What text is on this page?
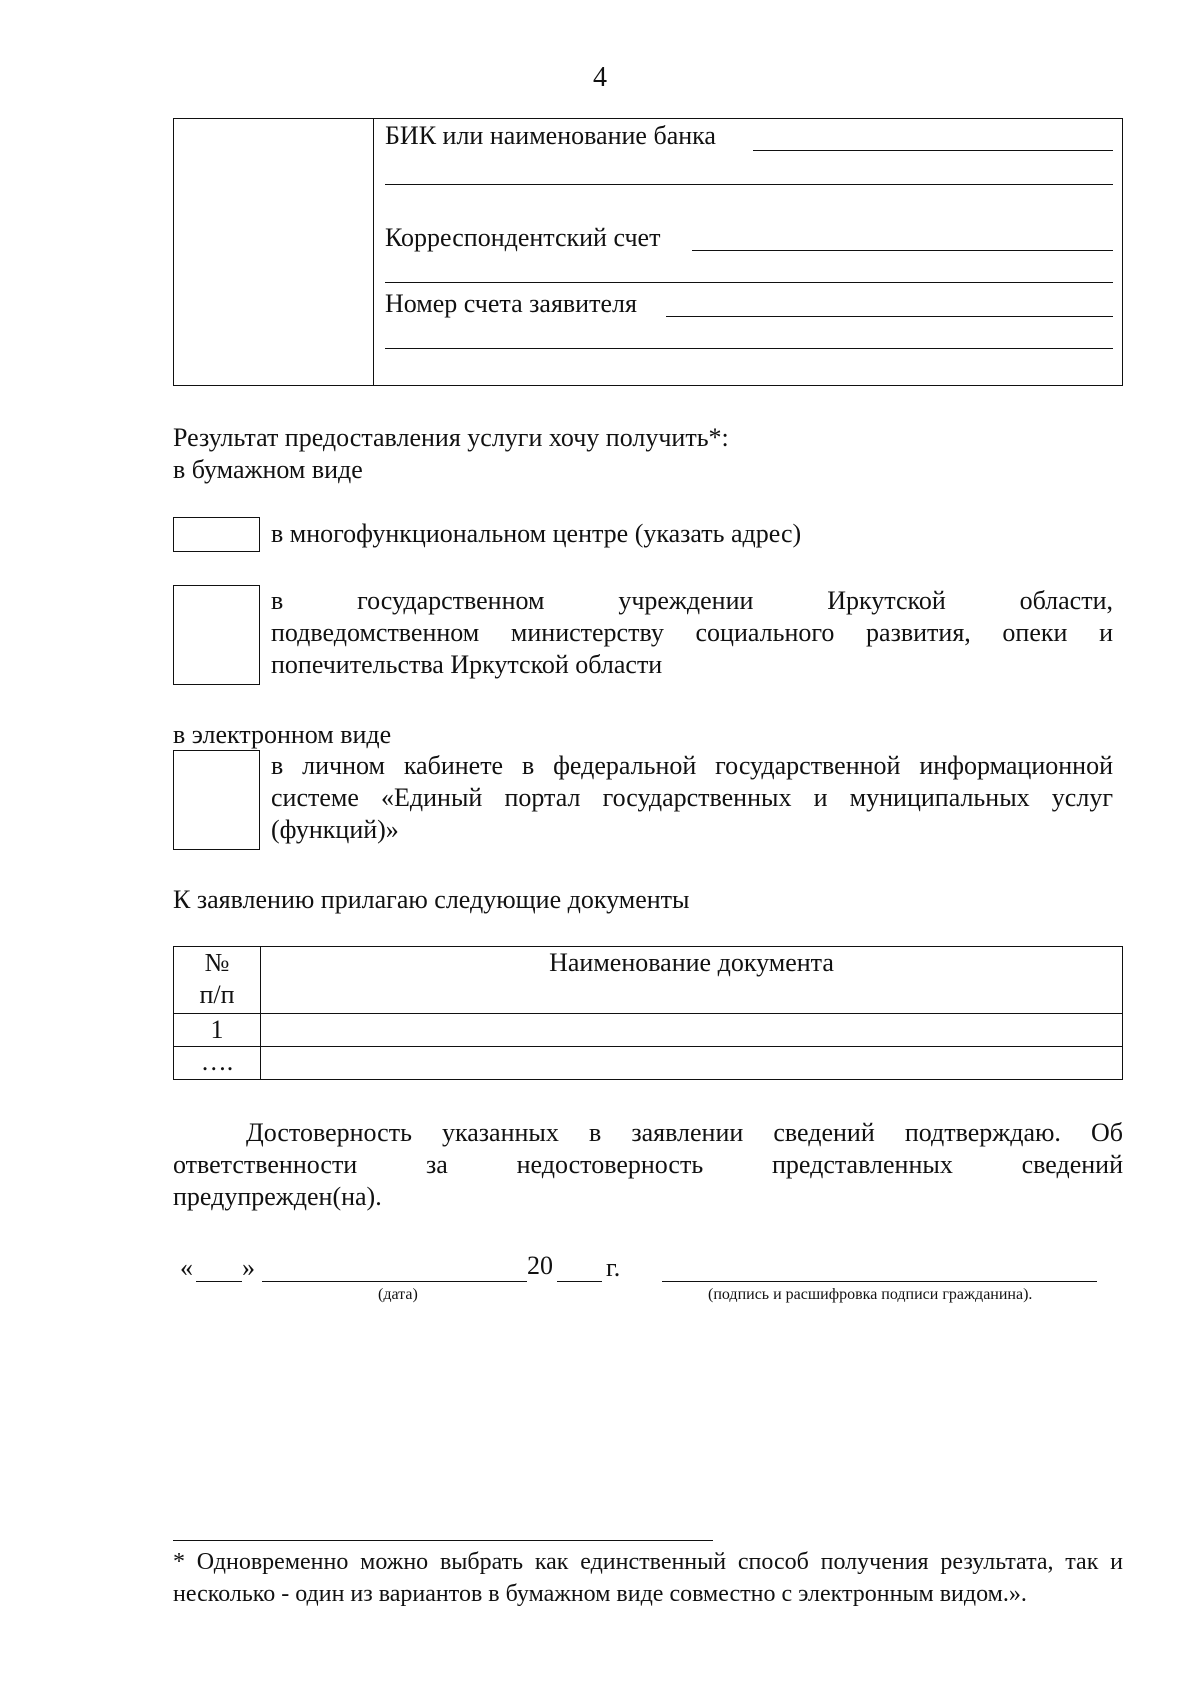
4
БИК или наименование банка
Корреспондентский счет
Номер счета заявителя
Результат предоставления услуги хочу получить*:
в бумажном виде
в многофункциональном центре (указать адрес)
в государственном учреждении Иркутской области,
подведомственном министерству социального развития, опеки и
попечительства Иркутской области
в электронном виде
в личном кабинете в федеральной государственной информационной
системе «Единый портал государственных и муниципальных услуг
(функций)»
К заявлению прилагаю следующие документы
№
п/п	Наименование документа
1	
….	
Достоверность указанных в заявлении сведений подтверждаю. Об
ответственности за недостоверность представленных сведений
предупрежден(на).
« »	20 г.
(дата)	(подпись и расшифровка подписи гражданина).
* Одновременно можно выбрать как единственный способ получения результата, так и
несколько - один из вариантов в бумажном виде совместно с электронным видом.».
